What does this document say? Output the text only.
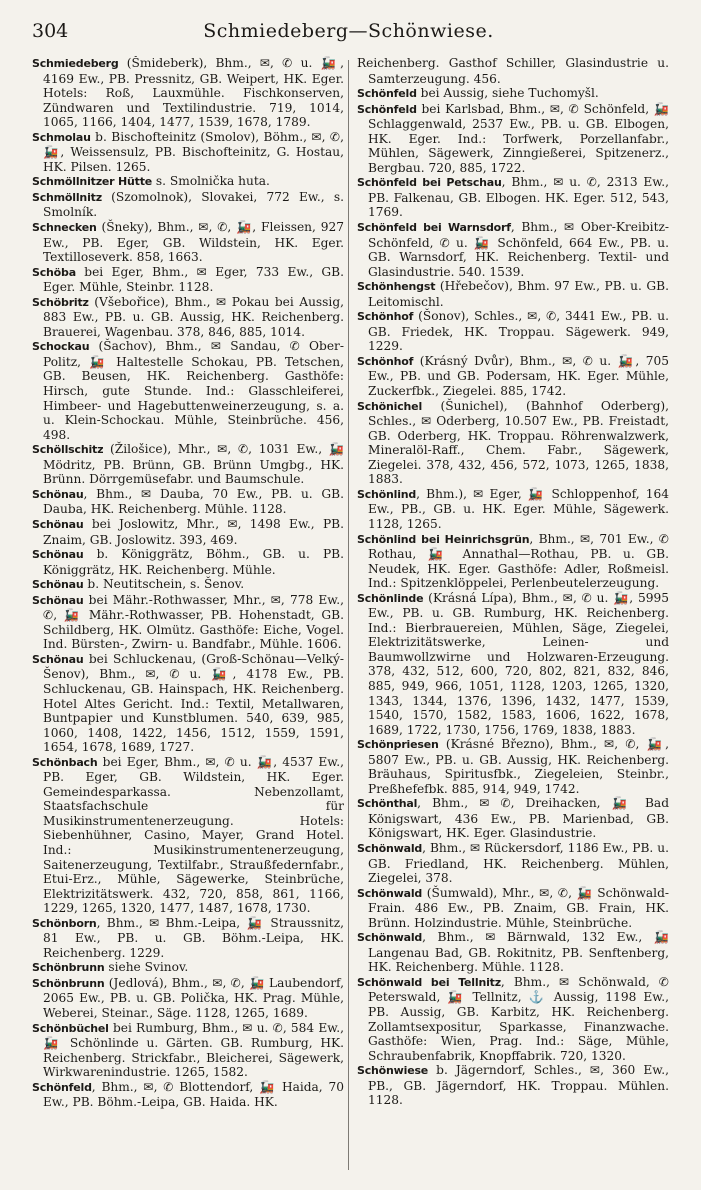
304	Schmiedeberg—Schönwiese.
Schmiedeberg (Šmideberk), Bhm., ✉, ✆ u. 🚂, 4169 Ew., PB. Pressnitz, GB. Weipert, HK. Eger. Hotels: Roß, Lauxmühle. Fischkonserven, Zündwaren und Textilindustrie. 719, 1014, 1065, 1166, 1404, 1477, 1539, 1678, 1789.
Schmolau b. Bischofteinitz (Smolov), Böhm., ✉, ✆, 🚂, Weissensulz, PB. Bischofteinitz, G. Hostau, HK. Pilsen. 1265.
Schmöllnitzer Hütte s. Smolnička huta.
Schmöllnitz (Szomolnok), Slovakei, 772 Ew., s. Smolník.
Schnecken (Šneky), Bhm., ✉, ✆, 🚂, Fleissen, 927 Ew., PB. Eger, GB. Wildstein, HK. Eger. Textilloseverk. 858, 1663.
Schöba bei Eger, Bhm., ✉ Eger, 733 Ew., GB. Eger. Mühle, Steinbr. 1128.
Schöbritz (Všebořice), Bhm., ✉ Pokau bei Aussig, 883 Ew., PB. u. GB. Aussig, HK. Reichenberg. Brauerei, Wagenbau. 378, 846, 885, 1014.
Schockau (Šachov), Bhm., ✉ Sandau, ✆ Ober-Politz, 🚂 Haltestelle Schokau, PB. Tetschen, GB. Beusen, HK. Reichenberg. Gasthöfe: Hirsch, gute Stunde. Ind.: Glasschleiferei, Himbeer- und Hagebuttenweinerzeugung, s. a. u. Klein-Schockau. Mühle, Steinbrüche. 456, 498.
Schöllschitz (Žilošice), Mhr., ✉, ✆, 1031 Ew., 🚂 Mödritz, PB. Brünn, GB. Brünn Umgbg., HK. Brünn. Dörrgemüsefabr. und Baumschule.
Schönau, Bhm., ✉ Dauba, 70 Ew., PB. u. GB. Dauba, HK. Reichenberg. Mühle. 1128.
Schönau bei Joslowitz, Mhr., ✉, 1498 Ew., PB. Znaim, GB. Joslowitz. 393, 469.
Schönau b. Königgrätz, Böhm., GB. u. PB. Königgrätz, HK. Reichenberg. Mühle.
Schönau b. Neutitschein, s. Šenov.
Schönau bei Mähr.-Rothwasser, Mhr., ✉, 778 Ew., ✆, 🚂 Mähr.-Rothwasser, PB. Hohenstadt, GB. Schildberg, HK. Olmütz. Gasthöfe: Eiche, Vogel. Ind. Bürsten-, Zwirn- u. Bandfabr., Mühle. 1606.
Schönau bei Schluckenau, (Groß-Schönau—Velký-Šenov), Bhm., ✉, ✆ u. 🚂, 4178 Ew., PB. Schluckenau, GB. Hainspach, HK. Reichenberg. Hotel Altes Gericht. Ind.: Textil, Metallwaren, Buntpapier und Kunstblumen. 540, 639, 985, 1060, 1408, 1422, 1456, 1512, 1559, 1591, 1654, 1678, 1689, 1727.
Schönbach bei Eger, Bhm., ✉, ✆ u. 🚂, 4537 Ew., PB. Eger, GB. Wildstein, HK. Eger. Gemeindesparkassa. Nebenzollamt, Staatsfachschule für Musikinstrumentenerzeugung. Hotels: Siebenhühner, Casino, Mayer, Grand Hotel. Ind.: Musikinstrumentenerzeugung, Saitenerzeugung, Textilfabr., Straußfedernfabr., Etui-Erz., Mühle, Sägewerke, Steinbrüche, Elektrizitätswerk. 432, 720, 858, 861, 1166, 1229, 1265, 1320, 1477, 1487, 1678, 1730.
Schönborn, Bhm., ✉ Bhm.-Leipa, 🚂 Straussnitz, 81 Ew., PB. u. GB. Böhm.-Leipa, HK. Reichenberg. 1229.
Schönbrunn siehe Svinov.
Schönbrunn (Jedlová), Bhm., ✉, ✆, 🚂 Laubendorf, 2065 Ew., PB. u. GB. Polička, HK. Prag. Mühle, Weberei, Steinar., Säge. 1128, 1265, 1689.
Schönbüchel bei Rumburg, Bhm., ✉ u. ✆, 584 Ew., 🚂 Schönlinde u. Gärten. GB. Rumburg, HK. Reichenberg. Strickfabr., Bleicherei, Sägewerk, Wirkwarenindustrie. 1265, 1582.
Schönfeld, Bhm., ✉, ✆ Blottendorf, 🚂 Haida, 70 Ew., PB. Böhm.-Leipa, GB. Haida. HK.
Reichenberg. Gasthof Schiller, Glasindustrie u. Samterzeugung. 456.
Schönfeld bei Aussig, siehe Tuchomyšl.
Schönfeld bei Karlsbad, Bhm., ✉, ✆ Schönfeld, 🚂 Schlaggenwald, 2537 Ew., PB. u. GB. Elbogen, HK. Eger. Ind.: Torfwerk, Porzellanfabr., Mühlen, Sägewerk, Zinngießerei, Spitzenerz., Bergbau. 720, 885, 1722.
Schönfeld bei Petschau, Bhm., ✉ u. ✆, 2313 Ew., PB. Falkenau, GB. Elbogen. HK. Eger. 512, 543, 1769.
Schönfeld bei Warnsdorf, Bhm., ✉ Ober-Kreibitz-Schönfeld, ✆ u. 🚂 Schönfeld, 664 Ew., PB. u. GB. Warnsdorf, HK. Reichenberg. Textil- und Glasindustrie. 540. 1539.
Schönhengst (Hřebečov), Bhm. 97 Ew., PB. u. GB. Leitomischl.
Schönhof (Šonov), Schles., ✉, ✆, 3441 Ew., PB. u. GB. Friedek, HK. Troppau. Sägewerk. 949, 1229.
Schönhof (Krásný Dvůr), Bhm., ✉, ✆ u. 🚂, 705 Ew., PB. und GB. Podersam, HK. Eger. Mühle, Zuckerfbk., Ziegelei. 885, 1742.
Schönichel (Šunichel), (Bahnhof Oderberg), Schles., ✉ Oderberg, 10.507 Ew., PB. Freistadt, GB. Oderberg, HK. Troppau. Röhrenwalzwerk, Mineralöl-Raff., Chem. Fabr., Sägewerk, Ziegelei. 378, 432, 456, 572, 1073, 1265, 1838, 1883.
Schönlind, Bhm.), ✉ Eger, 🚂 Schloppenhof, 164 Ew., PB., GB. u. HK. Eger. Mühle, Sägewerk. 1128, 1265.
Schönlind bei Heinrichsgrün, Bhm., ✉, 701 Ew., ✆ Rothau, 🚂 Annathal—Rothau, PB. u. GB. Neudek, HK. Eger. Gasthöfe: Adler, Roßmeisl. Ind.: Spitzenklöppelei, Perlenbeutelerzeugung.
Schönlinde (Krásná Lípa), Bhm., ✉, ✆ u. 🚂, 5995 Ew., PB. u. GB. Rumburg, HK. Reichenberg. Ind.: Bierbrauereien, Mühlen, Säge, Ziegelei, Elektrizitätswerke, Leinen- und Baumwollzwirne und Holzwaren-Erzeugung. 378, 432, 512, 600, 720, 802, 821, 832, 846, 885, 949, 966, 1051, 1128, 1203, 1265, 1320, 1343, 1344, 1376, 1396, 1432, 1477, 1539, 1540, 1570, 1582, 1583, 1606, 1622, 1678, 1689, 1722, 1730, 1756, 1769, 1838, 1883.
Schönpriesen (Krásné Březno), Bhm., ✉, ✆, 🚂, 5807 Ew., PB. u. GB. Aussig, HK. Reichenberg. Bräuhaus, Spiritusfbk., Ziegeleien, Steinbr., Preßhefefbk. 885, 914, 949, 1742.
Schönthal, Bhm., ✉ ✆, Dreihacken, 🚂 Bad Königswart, 436 Ew., PB. Marienbad, GB. Königswart, HK. Eger. Glasindustrie.
Schönwald, Bhm., ✉ Rückersdorf, 1186 Ew., PB. u. GB. Friedland, HK. Reichenberg. Mühlen, Ziegelei, 378.
Schönwald (Šumwald), Mhr., ✉, ✆, 🚂 Schönwald-Frain. 486 Ew., PB. Znaim, GB. Frain, HK. Brünn. Holzindustrie. Mühle, Steinbrüche.
Schönwald, Bhm., ✉ Bärnwald, 132 Ew., 🚂 Langenau Bad, GB. Rokitnitz, PB. Senftenberg, HK. Reichenberg. Mühle. 1128.
Schönwald bei Tellnitz, Bhm., ✉ Schönwald, ✆ Peterswald, 🚂 Tellnitz, ⚓ Aussig, 1198 Ew., PB. Aussig, GB. Karbitz, HK. Reichenberg. Zollamtsexpositur, Sparkasse, Finanzwache. Gasthöfe: Wien, Prag. Ind.: Säge, Mühle, Schraubenfabrik, Knopffabrik. 720, 1320.
Schönwiese b. Jägerndorf, Schles., ✉, 360 Ew., PB., GB. Jägerndorf, HK. Troppau. Mühlen. 1128.
